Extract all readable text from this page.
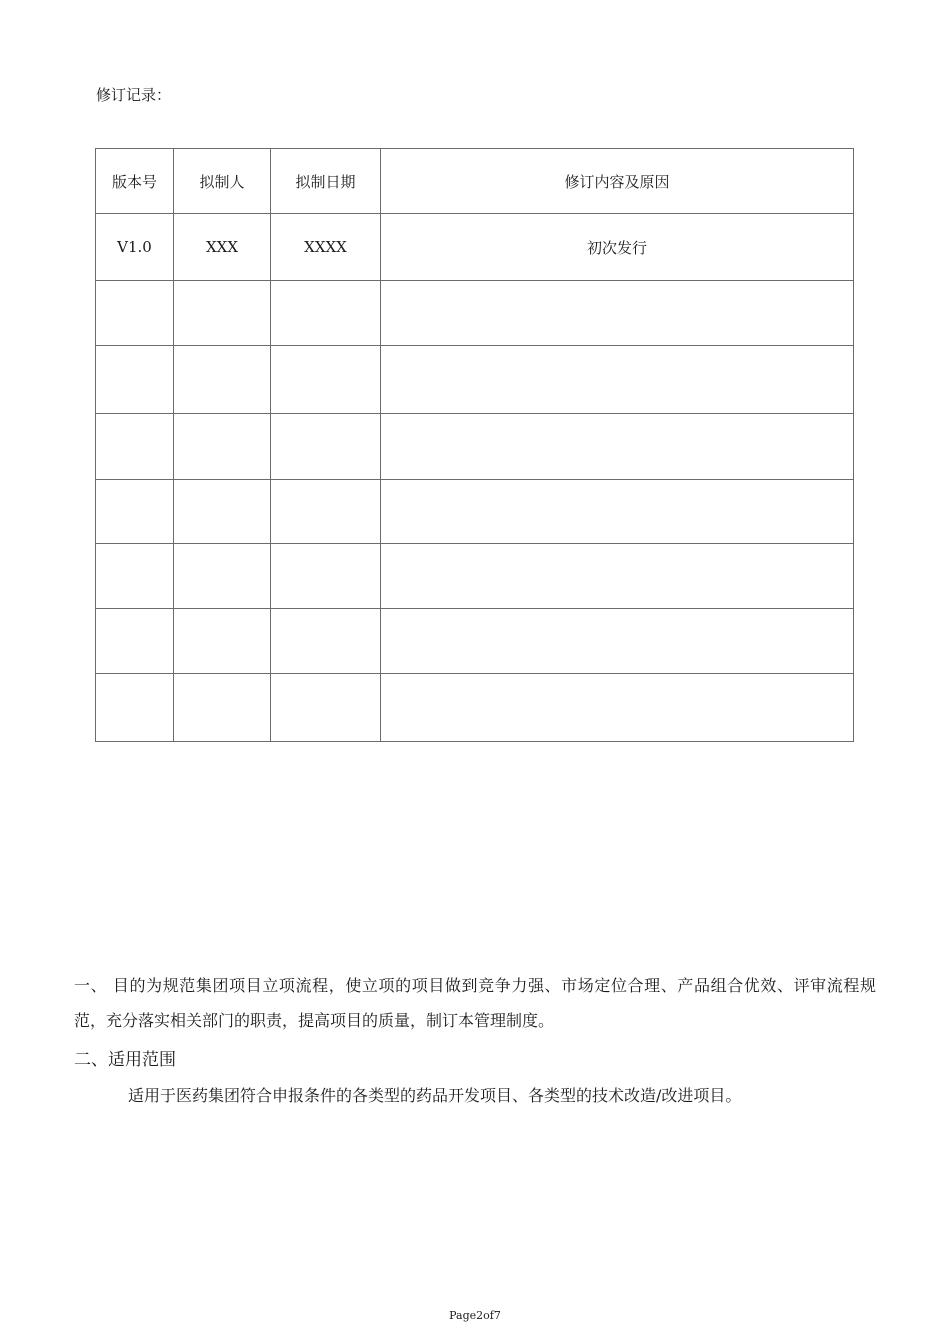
修订记录：
版本号	拟制人	拟制日期	修订内容及原因
V1.0	XXX	XXXX	初次发行

一、 目的为规范集团项目立项流程，使立项的项目做到竞争力强、市场定位合理、产品组合优效、评审流程规范，充分落实相关部门的职责，提高项目的质量，制订本管理制度。
二、适用范围
适用于医药集团符合申报条件的各类型的药品开发项目、各类型的技术改造/改进项目。
Page2of7
